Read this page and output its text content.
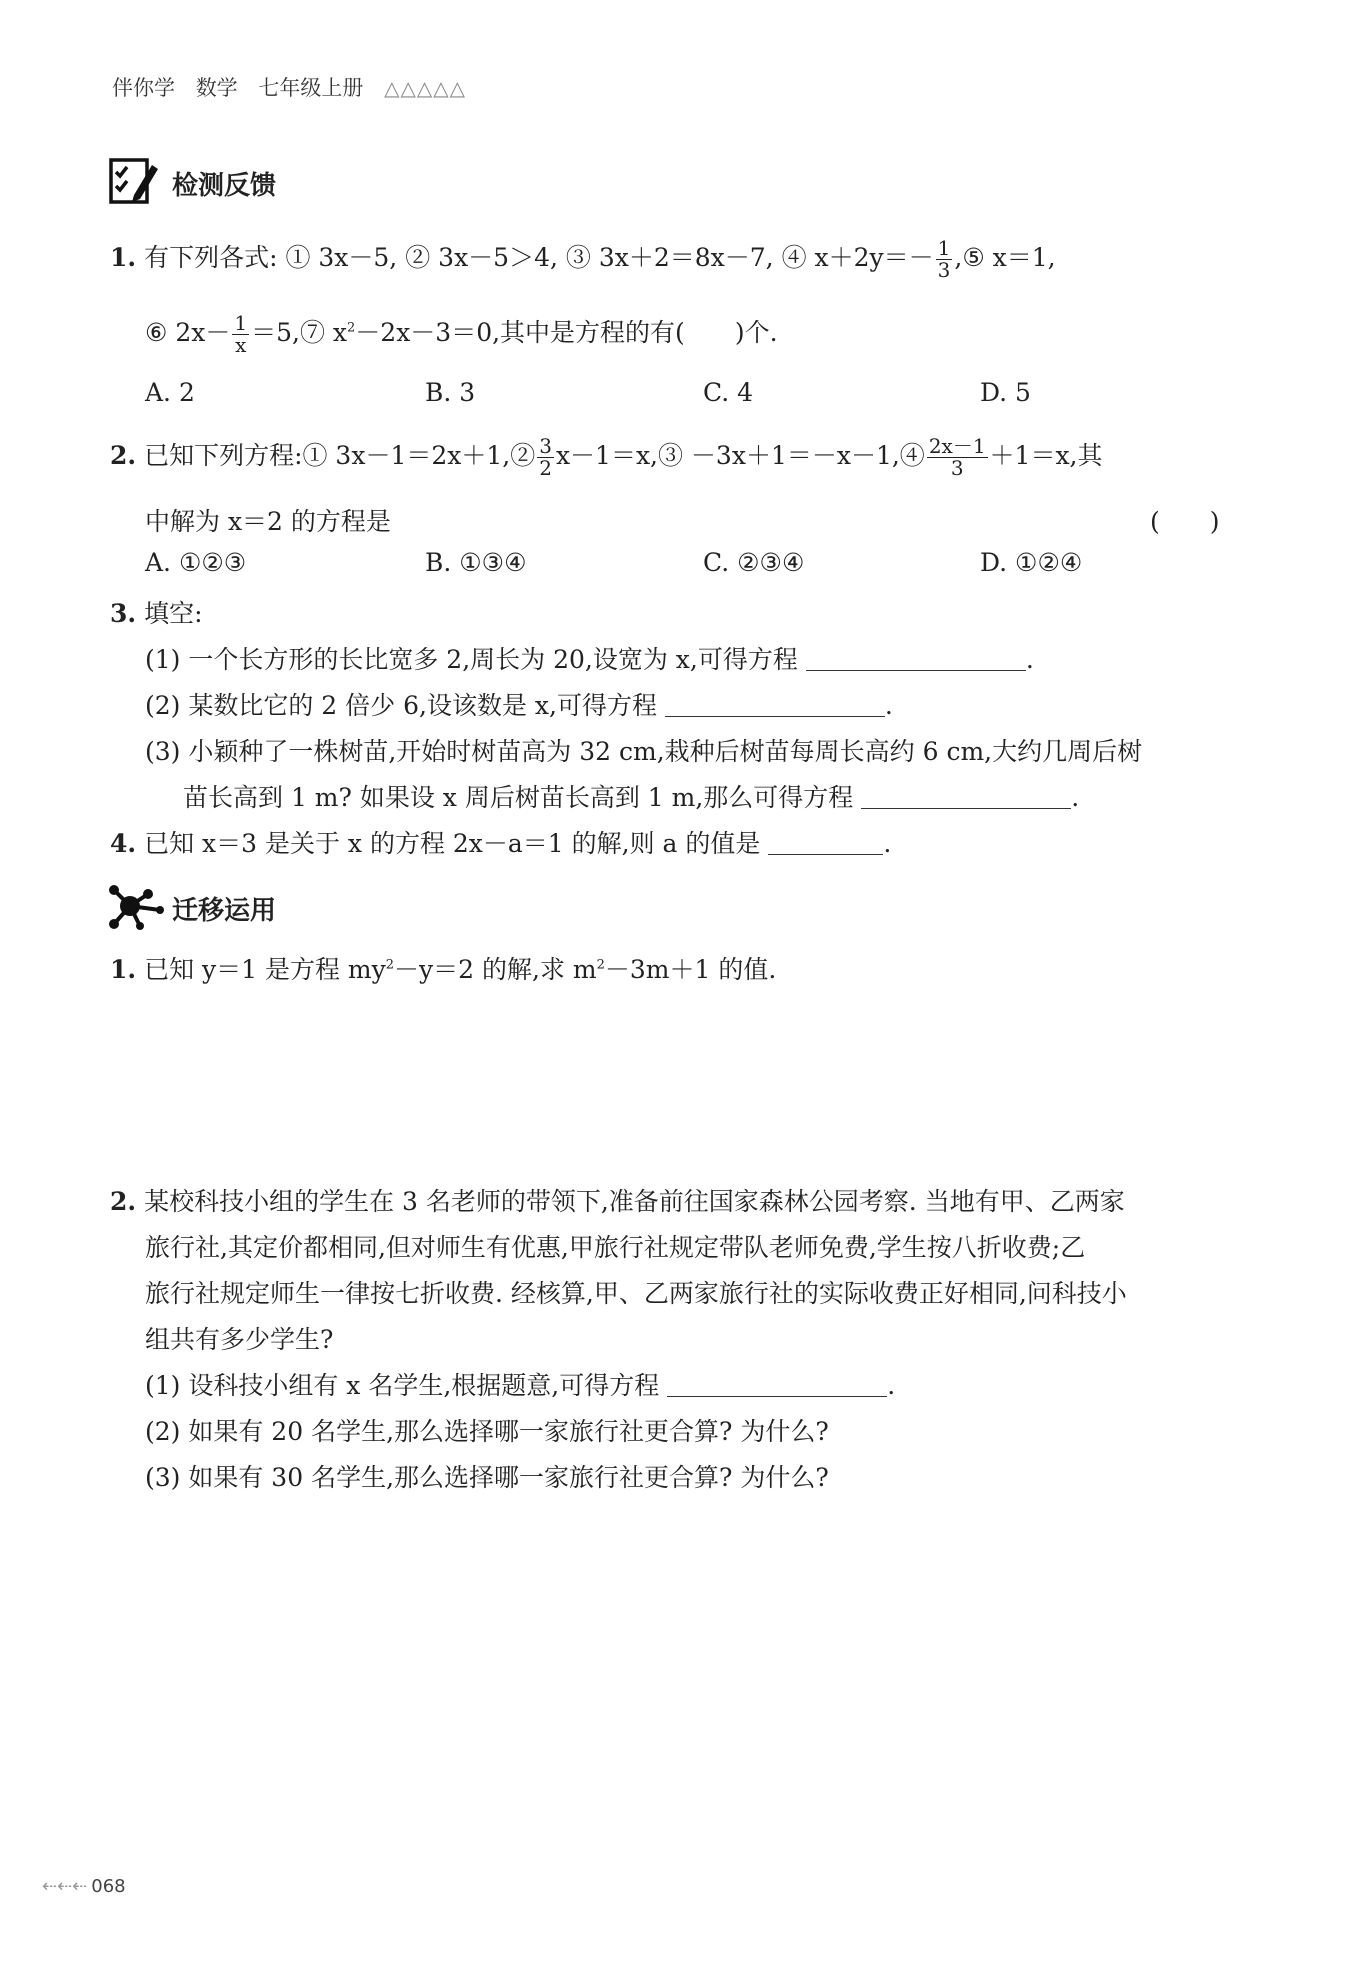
伴你学 数学 七年级上册 △△△△△
检测反馈
1. 有下列各式: ① 3x－5, ② 3x－5＞4, ③ 3x＋2＝8x－7, ④ $x+2y=- \frac{1}{3}$ ,⑤ x＝1,
⑥ $2x- \frac{1}{x}$ ＝5,⑦ $x^2-2x-3=0$,其中是方程的有(　　)个.
A. 2	B. 3	C. 4	D. 5
2. 已知下列方程:① 3x－1＝2x＋1,② $\frac{3}{2}$ x－1＝x,③ －3x＋1＝－x－1,④ $\frac{2x-1}{3} +1=x$,其
中解为 x＝2 的方程是	(　　)
A. ①②③	B. ①③④	C. ②③④	D. ①②④
3. 填空:
(1) 一个长方形的长比宽多 2,周长为 20,设宽为 x,可得方程	.
(2) 某数比它的 2 倍少 6,设该数是 x,可得方程	.
(3) 小颖种了一株树苗,开始时树苗高为 32 cm,栽种后树苗每周长高约 6 cm,大约几周后树
苗长高到 1 m? 如果设 x 周后树苗长高到 1 m,那么可得方程	.
4. 已知 x＝3 是关于 x 的方程 2x－a＝1 的解,则 a 的值是	.
迁移运用
1. 已知 y＝1 是方程 $my^2-y=2$ 的解,求 $m^2-3m+1$ 的值.
2. 某校科技小组的学生在 3 名老师的带领下,准备前往国家森林公园考察. 当地有甲、乙两家
旅行社,其定价都相同,但对师生有优惠,甲旅行社规定带队老师免费,学生按八折收费;乙
旅行社规定师生一律按七折收费. 经核算,甲、乙两家旅行社的实际收费正好相同,问科技小
组共有多少学生?
(1) 设科技小组有 x 名学生,根据题意,可得方程	.
(2) 如果有 20 名学生,那么选择哪一家旅行社更合算? 为什么?
(3) 如果有 30 名学生,那么选择哪一家旅行社更合算? 为什么?
⇠⇠⇠ 068
